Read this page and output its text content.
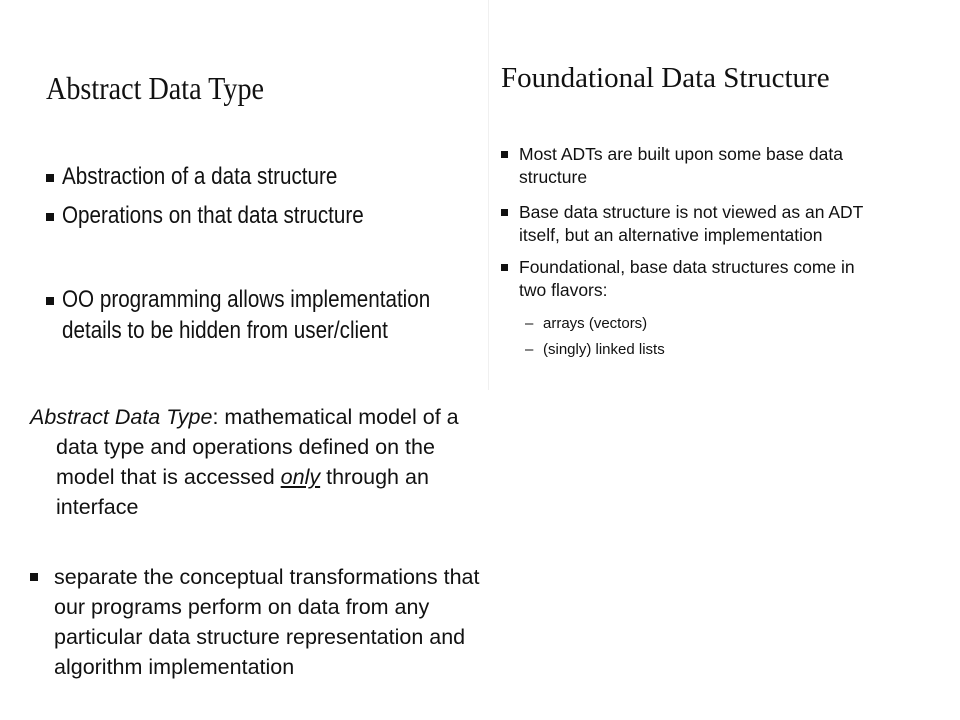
Abstract Data Type
Abstraction of a data structure
Operations on that data structure
OO programming allows implementation
details to be hidden from user/client
Foundational Data Structure
Most ADTs are built upon some base data
structure
Base data structure is not viewed as an ADT
itself, but an alternative implementation
Foundational, base data structures come in
two flavors:
– arrays (vectors)
– (singly) linked lists
Abstract Data Type: mathematical model of a
data type and operations defined on the
model that is accessed only through an
interface
separate the conceptual transformations that
our programs perform on data from any
particular data structure representation and
algorithm implementation
